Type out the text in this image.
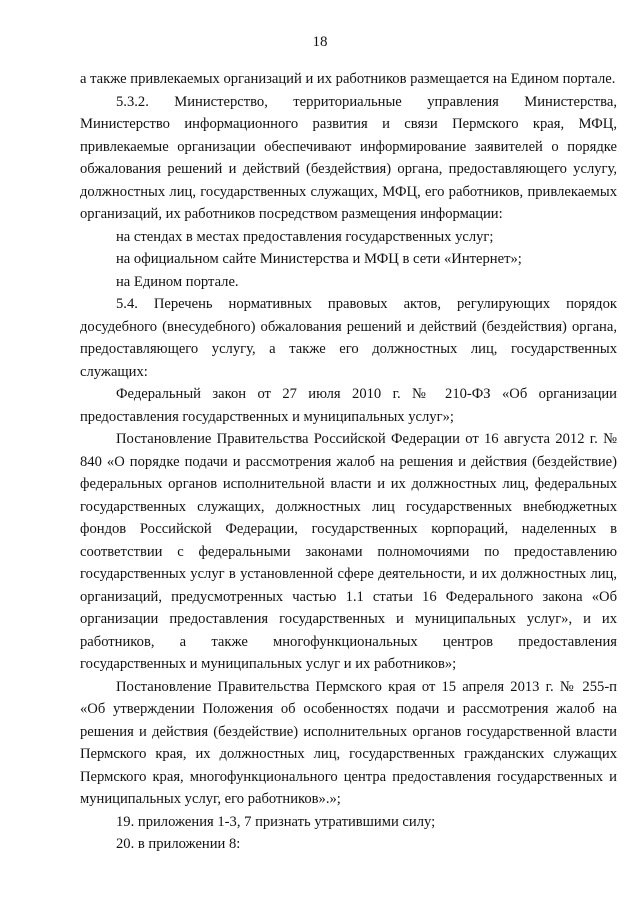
18

а также привлекаемых организаций и их работников размещается на Едином порталe.

5.3.2. Министерство, территориальные управления Министерства, Министерство информационного развития и связи Пермского края, МФЦ, привлекаемые организации обеспечивают информирование заявителей о порядке обжалования решений и действий (бездействия) органа, предоставляющего услугу, должностных лиц, государственных служащих, МФЦ, его работников, привлекаемых организаций, их работников посредством размещения информации:

на стендах в местах предоставления государственных услуг;

на официальном сайте Министерства и МФЦ в сети «Интернет»;

на Едином портале.

5.4. Перечень нормативных правовых актов, регулирующих порядок досудебного (внесудебного) обжалования решений и действий (бездействия) органа, предоставляющего услугу, а также его должностных лиц, государственных служащих:

Федеральный закон от 27 июля 2010 г. № 210-ФЗ «Об организации предоставления государственных и муниципальных услуг»;

Постановление Правительства Российской Федерации от 16 августа 2012 г. № 840 «О порядке подачи и рассмотрения жалоб на решения и действия (бездействие) федеральных органов исполнительной власти и их должностных лиц, федеральных государственных служащих, должностных лиц государственных внебюджетных фондов Российской Федерации, государственных корпораций, наделенных в соответствии с федеральными законами полномочиями по предоставлению государственных услуг в установленной сфере деятельности, и их должностных лиц, организаций, предусмотренных частью 1.1 статьи 16 Федерального закона «Об организации предоставления государственных и муниципальных услуг», и их работников, а также многофункциональных центров предоставления государственных и муниципальных услуг и их работников»;

Постановление Правительства Пермского края от 15 апреля 2013 г. № 255-п «Об утверждении Положения об особенностях подачи и рассмотрения жалоб на решения и действия (бездействие) исполнительных органов государственной власти Пермского края, их должностных лиц, государственных гражданских служащих Пермского края, многофункционального центра предоставления государственных и муниципальных услуг, его работников».»;

19. приложения 1-3, 7 признать утратившими силу;

20. в приложении 8:
